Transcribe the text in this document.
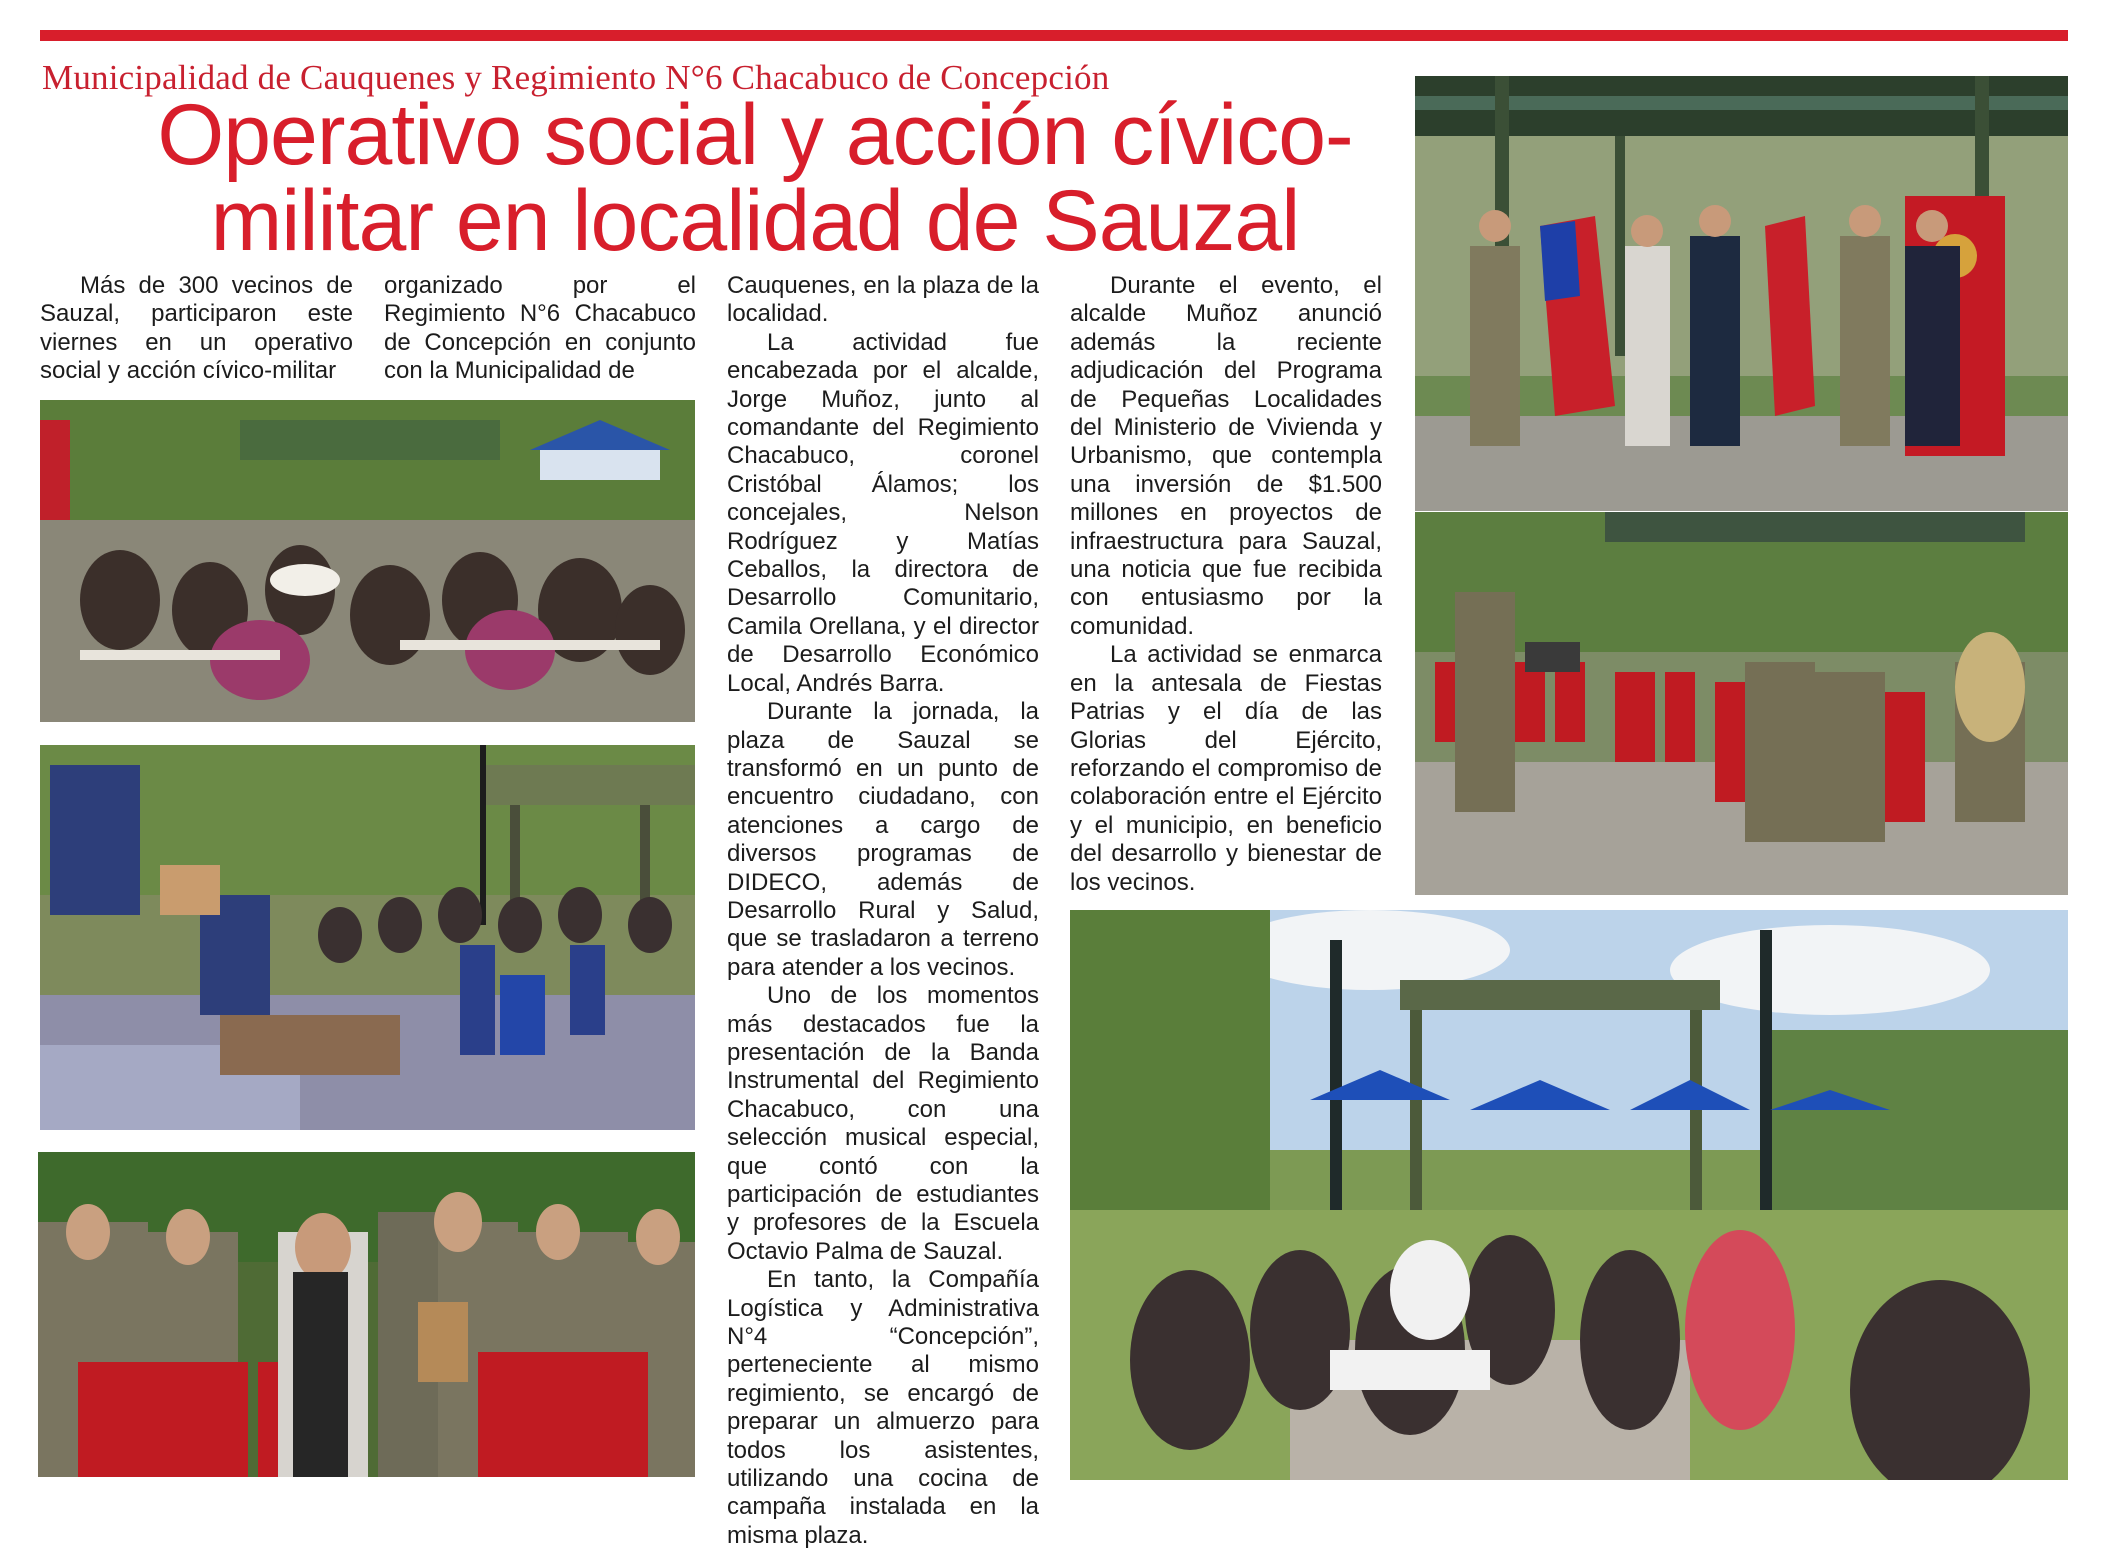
Municipalidad de Cauquenes y Regimiento N°6 Chacabuco de Concepción
Operativo social y acción cívico-
militar en localidad de Sauzal

Más de 300 vecinos de Sauzal, participaron este viernes en un operativo social y acción cívico-militar

organizado por el Regimiento N°6 Chacabuco de Concepción en conjunto con la Municipalidad de

Cauquenes, en la plaza de la localidad.

La actividad fue encabezada por el alcalde, Jorge Muñoz, junto al comandante del Regimiento Chacabuco, coronel Cristóbal Álamos; los concejales, Nelson Rodríguez y Matías Ceballos, la directora de Desarrollo Comunitario, Camila Orellana, y el director de Desarrollo Económico Local, Andrés Barra.

Durante la jornada, la plaza de Sauzal se transformó en un punto de encuentro ciudadano, con atenciones a cargo de diversos programas de DIDECO, además de Desarrollo Rural y Salud, que se trasladaron a terreno para atender a los vecinos.

Uno de los momentos más destacados fue la presentación de la Banda Instrumental del Regimiento Chacabuco, con una selección musical especial, que contó con la participación de estudiantes y profesores de la Escuela Octavio Palma de Sauzal.

En tanto, la Compañía Logística y Administrativa N°4 “Concepción”, perteneciente al mismo regimiento, se encargó de preparar un almuerzo para todos los asistentes, utilizando una cocina de campaña instalada en la misma plaza.

Durante el evento, el alcalde Muñoz anunció además la reciente adjudicación del Programa de Pequeñas Localidades del Ministerio de Vivienda y Urbanismo, que contempla una inversión de $1.500 millones en proyectos de infraestructura para Sauzal, una noticia que fue recibida con entusiasmo por la comunidad.

La actividad se enmarca en la antesala de Fiestas Patrias y el día de las Glorias del Ejército, reforzando el compromiso de colaboración entre el Ejército y el municipio, en beneficio del desarrollo y bienestar de los vecinos.
